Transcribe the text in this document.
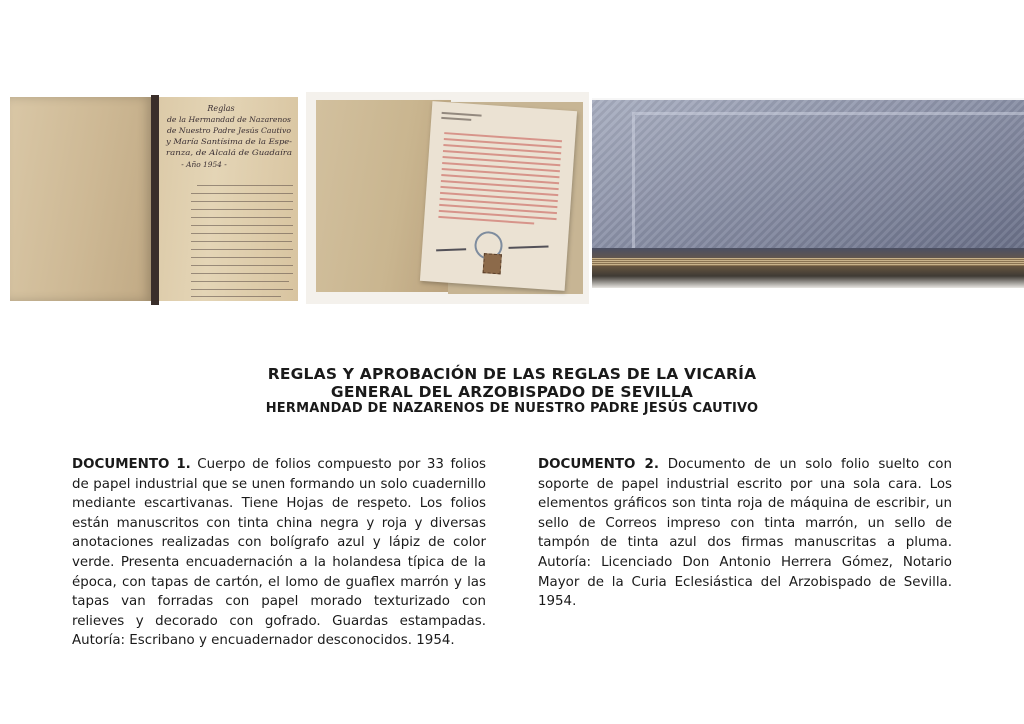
Reglas
de la Hermandad de Nazarenos
de Nuestro Padre Jesús Cautivo
y María Santísima de la Espe-
ranza, de Alcalá de Guadaíra
- Año 1954 -
REGLAS Y APROBACIÓN DE LAS REGLAS DE LA VICARÍA
GENERAL DEL ARZOBISPADO DE SEVILLA
HERMANDAD DE NAZARENOS DE NUESTRO PADRE JESÚS CAUTIVO

DOCUMENTO 1. Cuerpo de folios compuesto por 33 folios de papel industrial que se unen formando un solo cuadernillo mediante escartivanas. Tiene Hojas de respeto. Los folios están manuscritos con tinta china negra y roja y diversas anotaciones realizadas con bolígrafo azul y lápiz de color verde. Presenta encuadernación a la holandesa típica de la época, con tapas de cartón, el lomo de guaflex marrón y las tapas van forradas con papel morado texturizado con relieves y decorado con gofrado. Guardas estampadas. Autoría: Escribano y encuadernador desconocidos. 1954.

DOCUMENTO 2. Documento de un solo folio suelto con soporte de papel industrial escrito por una sola cara. Los elementos gráficos son tinta roja de máquina de escribir, un sello de Correos impreso con tinta marrón, un sello de tampón de tinta azul dos firmas manuscritas a pluma. Autoría: Licenciado Don Antonio Herrera Gómez, Notario Mayor de la Curia Eclesiástica del Arzobispado de Sevilla. 1954.
